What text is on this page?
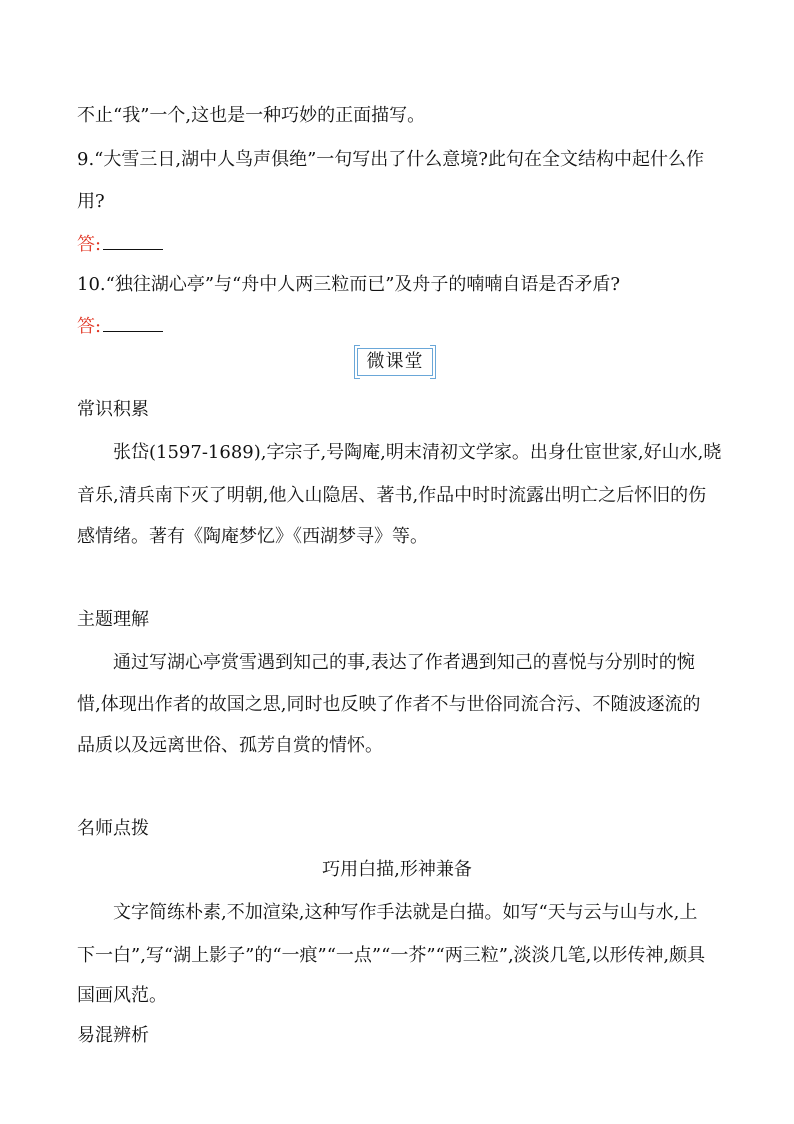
不止“我”一个,这也是一种巧妙的正面描写。
9.“大雪三日,湖中人鸟声俱绝”一句写出了什么意境?此句在全文结构中起什么作
用?
答:
10.“独往湖心亭”与“舟中人两三粒而已”及舟子的喃喃自语是否矛盾?
答:
微课堂
常识积累
张岱(1597-1689),字宗子,号陶庵,明末清初文学家。出身仕宦世家,好山水,晓
音乐,清兵南下灭了明朝,他入山隐居、著书,作品中时时流露出明亡之后怀旧的伤
感情绪。著有《陶庵梦忆》《西湖梦寻》等。
主题理解
通过写湖心亭赏雪遇到知己的事,表达了作者遇到知己的喜悦与分别时的惋
惜,体现出作者的故国之思,同时也反映了作者不与世俗同流合污、不随波逐流的
品质以及远离世俗、孤芳自赏的情怀。
名师点拨
巧用白描,形神兼备
文字简练朴素,不加渲染,这种写作手法就是白描。如写“天与云与山与水,上
下一白”,写“湖上影子”的“一痕”“一点”“一芥”“两三粒”,淡淡几笔,以形传神,颇具
国画风范。
易混辨析
